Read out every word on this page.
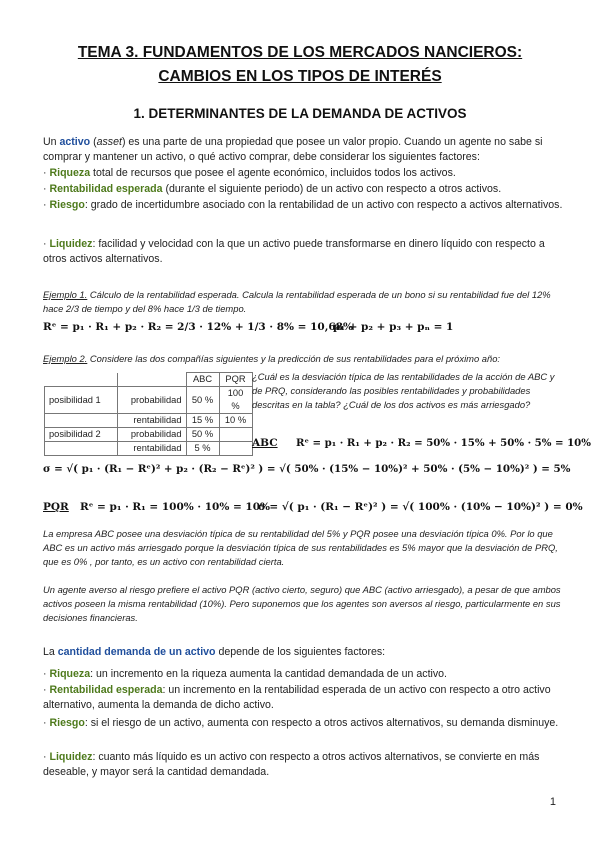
TEMA 3. FUNDAMENTOS DE LOS MERCADOS NANCIEROS:
CAMBIOS EN LOS TIPOS DE INTERÉS
1. DETERMINANTES DE LA DEMANDA DE ACTIVOS
Un activo (asset) es una parte de una propiedad que posee un valor propio. Cuando un agente no sabe si comprar y mantener un activo, o qué activo comprar, debe considerar los siguientes factores:
· Riqueza total de recursos que posee el agente económico, incluidos todos los activos.
· Rentabilidad esperada (durante el siguiente periodo) de un activo con respecto a otros activos.
· Riesgo: grado de incertidumbre asociado con la rentabilidad de un activo con respecto a activos alternativos.
· Liquidez: facilidad y velocidad con la que un activo puede transformarse en dinero líquido con respecto a otros activos alternativos.
Ejemplo 1. Cálculo de la rentabilidad esperada. Calcula la rentabilidad esperada de un bono si su rentabilidad fue del 12% hace 2/3 de tiempo y del 8% hace 1/3 de tiempo.
Rᵉ = p₁ · R₁ + p₂ · R₂ = 2/3 · 12% + 1/3 · 8% = 10,68%
p₁ + p₂ + p₃ + pₙ = 1
Ejemplo 2. Considere las dos compañías siguientes y la predicción de sus rentabilidades para el próximo año:
		ABC	PQR
posibilidad 1	probabilidad	50 %	100 %
	rentabilidad	15 %	10 %
posibilidad 2	probabilidad	50 %	
	rentabilidad	5 %	
¿Cuál es la desviación típica de las rentabilidades de la acción de ABC y de PRQ, considerando las posibles rentabilidades y probabilidades descritas en la tabla? ¿Cuál de los dos activos es más arriesgado?
ABC Rᵉ = p₁ · R₁ + p₂ · R₂ = 50% · 15% + 50% · 5% = 10%
σ = √( p₁ · (R₁ − Rᵉ)² + p₂ · (R₂ − Rᵉ)² ) = √( 50% · (15% − 10%)² + 50% · (5% − 10%)² ) = 5%
PQR Rᵉ = p₁ · R₁ = 100% · 10% = 10%
σ = √( p₁ · (R₁ − Rᵉ)² ) = √( 100% · (10% − 10%)² ) = 0%
La empresa ABC posee una desviación típica de su rentabilidad del 5% y PQR posee una desviación típica 0%. Por lo que ABC es un activo más arriesgado porque la desviación típica de sus rentabilidades es 5% mayor que la desviación de PRQ, que es 0% , por tanto, es un activo con rentabilidad cierta.
Un agente averso al riesgo prefiere el activo PQR (activo cierto, seguro) que ABC (activo arriesgado), a pesar de que ambos activos poseen la misma rentabilidad (10%). Pero suponemos que los agentes son aversos al riesgo, particularmente en sus decisiones financieras.
La cantidad demanda de un activo depende de los siguientes factores:
· Riqueza: un incremento en la riqueza aumenta la cantidad demandada de un activo.
· Rentabilidad esperada: un incremento en la rentabilidad esperada de un activo con respecto a otro activo alternativo, aumenta la demanda de dicho activo.
· Riesgo: si el riesgo de un activo, aumenta con respecto a otros activos alternativos, su demanda disminuye.
· Liquidez: cuanto más líquido es un activo con respecto a otros activos alternativos, se convierte en más deseable, y mayor será la cantidad demandada.
1
